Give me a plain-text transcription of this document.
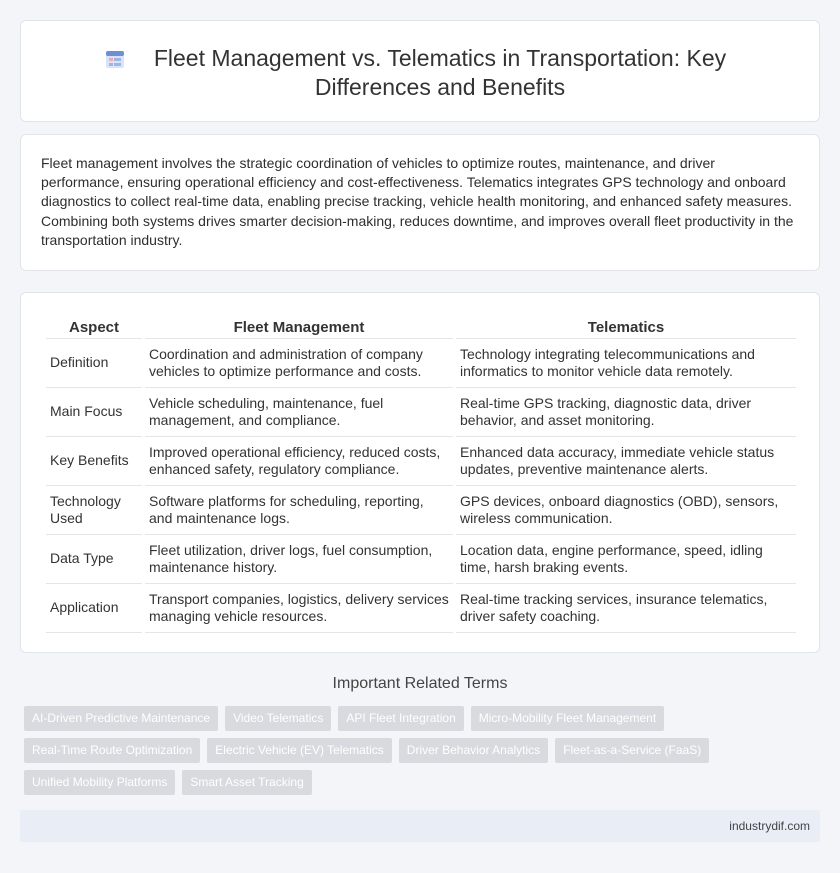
Fleet Management vs. Telematics in Transportation: Key Differences and Benefits

Fleet management involves the strategic coordination of vehicles to optimize routes, maintenance, and driver performance, ensuring operational efficiency and cost-effectiveness. Telematics integrates GPS technology and onboard diagnostics to collect real-time data, enabling precise tracking, vehicle health monitoring, and enhanced safety measures. Combining both systems drives smarter decision-making, reduces downtime, and improves overall fleet productivity in the transportation industry.

Aspect	Fleet Management	Telematics
Definition	Coordination and administration of company vehicles to optimize performance and costs.	Technology integrating telecommunications and informatics to monitor vehicle data remotely.
Main Focus	Vehicle scheduling, maintenance, fuel management, and compliance.	Real-time GPS tracking, diagnostic data, driver behavior, and asset monitoring.
Key Benefits	Improved operational efficiency, reduced costs, enhanced safety, regulatory compliance.	Enhanced data accuracy, immediate vehicle status updates, preventive maintenance alerts.
Technology Used	Software platforms for scheduling, reporting, and maintenance logs.	GPS devices, onboard diagnostics (OBD), sensors, wireless communication.
Data Type	Fleet utilization, driver logs, fuel consumption, maintenance history.	Location data, engine performance, speed, idling time, harsh braking events.
Application	Transport companies, logistics, delivery services managing vehicle resources.	Real-time tracking services, insurance telematics, driver safety coaching.
Important Related Terms
AI-Driven Predictive Maintenance	Video Telematics	API Fleet Integration	Micro-Mobility Fleet Management
Real-Time Route Optimization	Electric Vehicle (EV) Telematics	Driver Behavior Analytics	Fleet-as-a-Service (FaaS)
Unified Mobility Platforms	Smart Asset Tracking
industrydif.com
